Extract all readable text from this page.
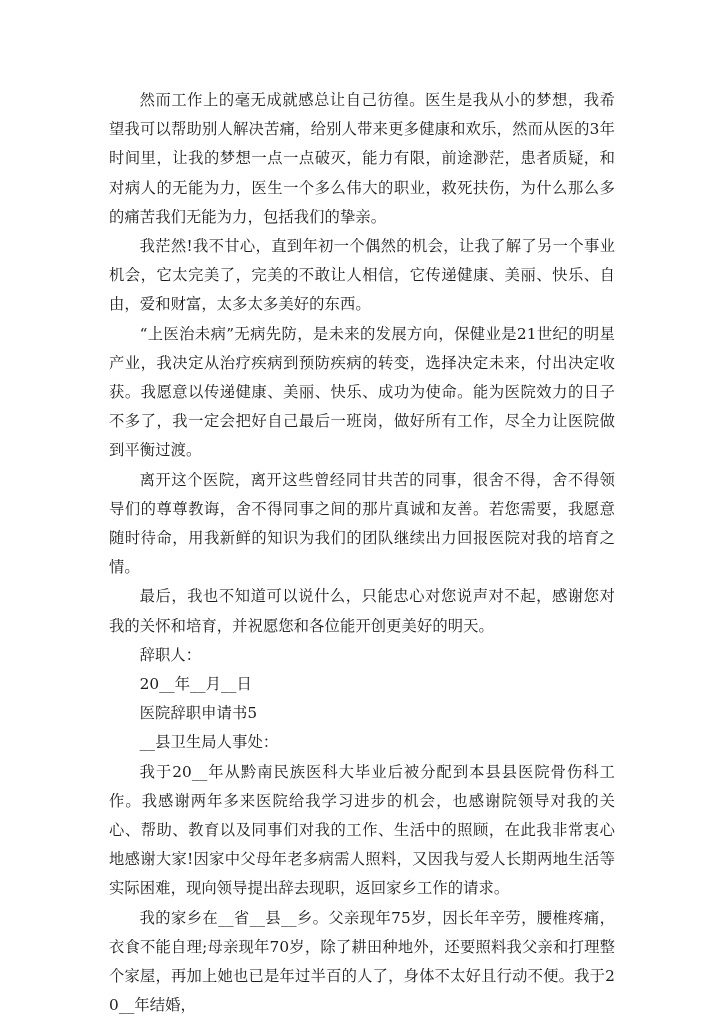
然而工作上的毫无成就感总让自己彷徨。医生是我从小的梦想，我希望我可以帮助别人解决苦痛，给别人带来更多健康和欢乐，然而从医的3年时间里，让我的梦想一点一点破灭，能力有限，前途渺茫，患者质疑，和对病人的无能为力，医生一个多么伟大的职业，救死扶伤，为什么那么多的痛苦我们无能为力，包括我们的挚亲。

我茫然!我不甘心，直到年初一个偶然的机会，让我了解了另一个事业机会，它太完美了，完美的不敢让人相信，它传递健康、美丽、快乐、自由，爱和财富，太多太多美好的东西。

“上医治未病”无病先防，是未来的发展方向，保健业是21世纪的明星产业，我决定从治疗疾病到预防疾病的转变，选择决定未来，付出决定收获。我愿意以传递健康、美丽、快乐、成功为使命。能为医院效力的日子不多了，我一定会把好自己最后一班岗，做好所有工作，尽全力让医院做到平衡过渡。

离开这个医院，离开这些曾经同甘共苦的同事，很舍不得，舍不得领导们的尊尊教诲，舍不得同事之间的那片真诚和友善。若您需要，我愿意随时待命，用我新鲜的知识为我们的团队继续出力回报医院对我的培育之情。

最后，我也不知道可以说什么，只能忠心对您说声对不起，感谢您对我的关怀和培育，并祝愿您和各位能开创更美好的明天。

辞职人：

20__年__月__日

医院辞职申请书5

__县卫生局人事处：

我于20__年从黔南民族医科大毕业后被分配到本县县医院骨伤科工作。我感谢两年多来医院给我学习进步的机会，也感谢院领导对我的关心、帮助、教育以及同事们对我的工作、生活中的照顾，在此我非常衷心地感谢大家!因家中父母年老多病需人照料，又因我与爱人长期两地生活等实际困难，现向领导提出辞去现职，返回家乡工作的请求。

我的家乡在__省__县__乡。父亲现年75岁，因长年辛劳，腰椎疼痛，衣食不能自理;母亲现年70岁，除了耕田种地外，还要照料我父亲和打理整个家屋，再加上她也已是年过半百的人了，身体不太好且行动不便。我于20__年结婚，
